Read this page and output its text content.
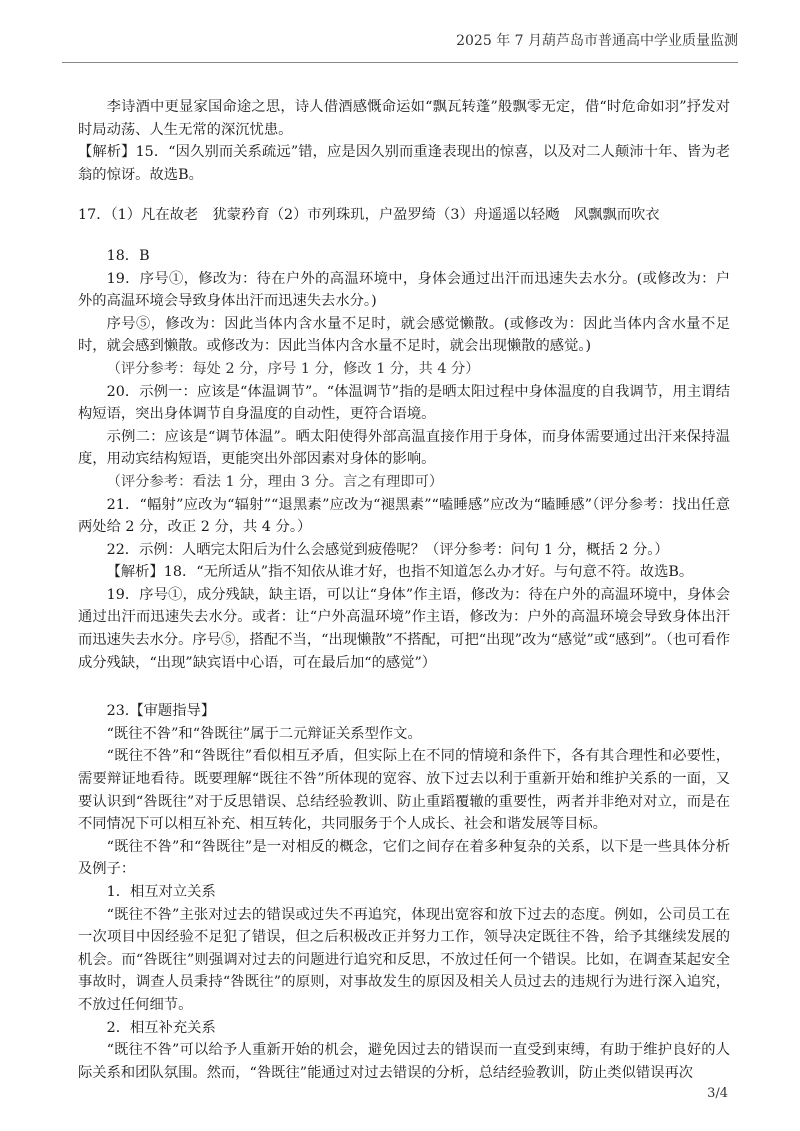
2025 年 7 月葫芦岛市普通高中学业质量监测

李诗酒中更显家国命途之思，诗人借酒感慨命运如“飘瓦转蓬”般飘零无定，借“时危命如羽”抒发对时局动荡、人生无常的深沉忧患。

【解析】15．“因久别而关系疏远”错，应是因久别而重逢表现出的惊喜，以及对二人颠沛十年、皆为老翁的惊讶。故选B。

17．（1）凡在故老　犹蒙矜育（2）市列珠玑，户盈罗绮（3）舟遥遥以轻飏　风飘飘而吹衣

18．B

19．序号①，修改为：待在户外的高温环境中，身体会通过出汗而迅速失去水分。(或修改为：户外的高温环境会导致身体出汗而迅速失去水分。)

序号⑤，修改为：因此当体内含水量不足时，就会感觉懒散。(或修改为：因此当体内含水量不足时，就会感到懒散。或修改为：因此当体内含水量不足时，就会出现懒散的感觉。)

（评分参考：每处 2 分，序号 1 分，修改 1 分，共 4 分）

20．示例一：应该是“体温调节”。“体温调节”指的是晒太阳过程中身体温度的自我调节，用主谓结构短语，突出身体调节自身温度的自动性，更符合语境。

示例二：应该是“调节体温”。晒太阳使得外部高温直接作用于身体，而身体需要通过出汗来保持温度，用动宾结构短语，更能突出外部因素对身体的影响。

（评分参考：看法 1 分，理由 3 分。言之有理即可）

21．“幅射”应改为“辐射”“退黑素”应改为“褪黑素”“嗑睡感”应改为“瞌睡感”（评分参考：找出任意两处给 2 分，改正 2 分，共 4 分。）

22．示例：人晒完太阳后为什么会感觉到疲倦呢？（评分参考：问句 1 分，概括 2 分。）

【解析】18．“无所适从”指不知依从谁才好，也指不知道怎么办才好。与句意不符。故选B。

19．序号①，成分残缺，缺主语，可以让“身体”作主语，修改为：待在户外的高温环境中，身体会通过出汗而迅速失去水分。或者：让“户外高温环境”作主语，修改为：户外的高温环境会导致身体出汗而迅速失去水分。序号⑤，搭配不当，“出现懒散”不搭配，可把“出现”改为“感觉”或“感到”。（也可看作成分残缺，“出现”缺宾语中心语，可在最后加“的感觉”）

23.【审题指导】

“既往不咎”和“咎既往”属于二元辩证关系型作文。

“既往不咎”和“咎既往”看似相互矛盾，但实际上在不同的情境和条件下，各有其合理性和必要性，需要辩证地看待。既要理解“既往不咎”所体现的宽容、放下过去以利于重新开始和维护关系的一面，又要认识到“咎既往”对于反思错误、总结经验教训、防止重蹈覆辙的重要性，两者并非绝对对立，而是在不同情况下可以相互补充、相互转化，共同服务于个人成长、社会和谐发展等目标。

“既往不咎”和“咎既往”是一对相反的概念，它们之间存在着多种复杂的关系，以下是一些具体分析及例子：

1．相互对立关系

“既往不咎”主张对过去的错误或过失不再追究，体现出宽容和放下过去的态度。例如，公司员工在一次项目中因经验不足犯了错误，但之后积极改正并努力工作，领导决定既往不咎，给予其继续发展的机会。而“咎既往”则强调对过去的问题进行追究和反思，不放过任何一个错误。比如，在调查某起安全事故时，调查人员秉持“咎既往”的原则，对事故发生的原因及相关人员过去的违规行为进行深入追究，不放过任何细节。

2．相互补充关系

“既往不咎”可以给予人重新开始的机会，避免因过去的错误而一直受到束缚，有助于维护良好的人际关系和团队氛围。然而，“咎既往”能通过对过去错误的分析，总结经验教训，防止类似错误再次

3/4
